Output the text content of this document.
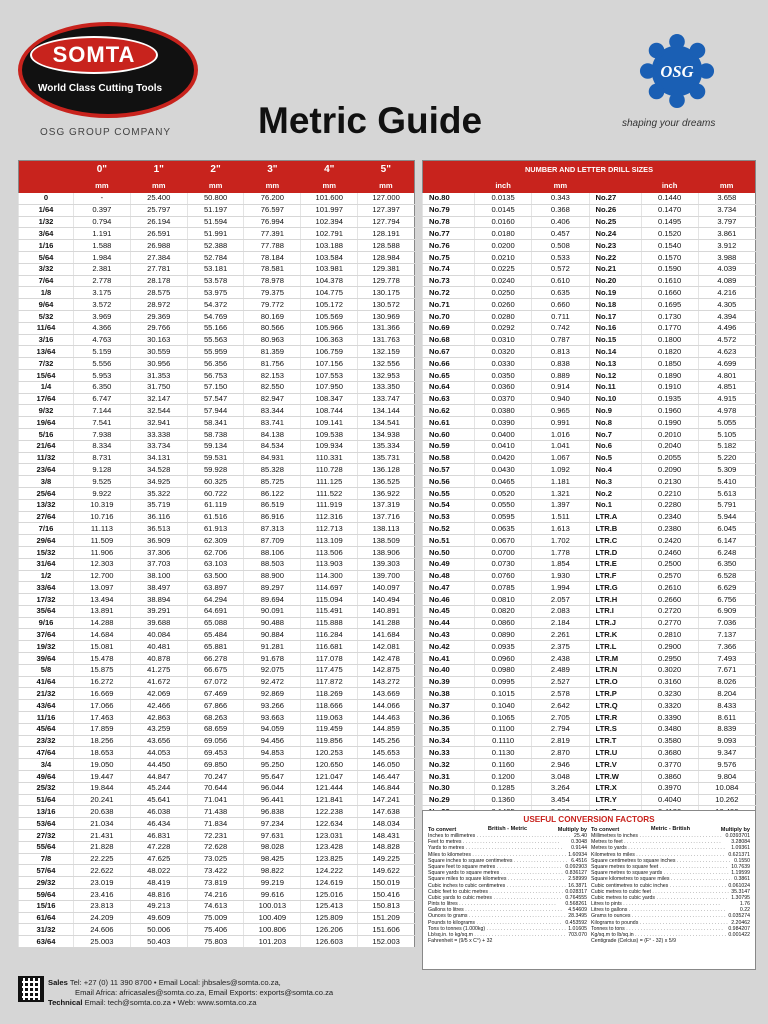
SOMTA
World Class Cutting Tools
OSG GROUP COMPANY Metric Guide
OSG
shaping your dreams
	0"	1"	2"	3"	4"	5"
	mm	mm	mm	mm	mm	mm
0	-	25.400	50.800	76.200	101.600	127.000
1/64	0.397	25.797	51.197	76.597	101.997	127.397
1/32	0.794	26.194	51.594	76.994	102.394	127.794
3/64	1.191	26.591	51.991	77.391	102.791	128.191
1/16	1.588	26.988	52.388	77.788	103.188	128.588
5/64	1.984	27.384	52.784	78.184	103.584	128.984
3/32	2.381	27.781	53.181	78.581	103.981	129.381
7/64	2.778	28.178	53.578	78.978	104.378	129.778
1/8	3.175	28.575	53.975	79.375	104.775	130.175
9/64	3.572	28.972	54.372	79.772	105.172	130.572
5/32	3.969	29.369	54.769	80.169	105.569	130.969
11/64	4.366	29.766	55.166	80.566	105.966	131.366
3/16	4.763	30.163	55.563	80.963	106.363	131.763
13/64	5.159	30.559	55.959	81.359	106.759	132.159
7/32	5.556	30.956	56.356	81.756	107.156	132.556
15/64	5.953	31.353	56.753	82.153	107.553	132.953
1/4	6.350	31.750	57.150	82.550	107.950	133.350
17/64	6.747	32.147	57.547	82.947	108.347	133.747
9/32	7.144	32.544	57.944	83.344	108.744	134.144
19/64	7.541	32.941	58.341	83.741	109.141	134.541
5/16	7.938	33.338	58.738	84.138	109.538	134.938
21/64	8.334	33.734	59.134	84.534	109.934	135.334
11/32	8.731	34.131	59.531	84.931	110.331	135.731
23/64	9.128	34.528	59.928	85.328	110.728	136.128
3/8	9.525	34.925	60.325	85.725	111.125	136.525
25/64	9.922	35.322	60.722	86.122	111.522	136.922
13/32	10.319	35.719	61.119	86.519	111.919	137.319
27/64	10.716	36.116	61.516	86.916	112.316	137.716
7/16	11.113	36.513	61.913	87.313	112.713	138.113
29/64	11.509	36.909	62.309	87.709	113.109	138.509
15/32	11.906	37.306	62.706	88.106	113.506	138.906
31/64	12.303	37.703	63.103	88.503	113.903	139.303
1/2	12.700	38.100	63.500	88.900	114.300	139.700
33/64	13.097	38.497	63.897	89.297	114.697	140.097
17/32	13.494	38.894	64.294	89.694	115.094	140.494
35/64	13.891	39.291	64.691	90.091	115.491	140.891
9/16	14.288	39.688	65.088	90.488	115.888	141.288
37/64	14.684	40.084	65.484	90.884	116.284	141.684
19/32	15.081	40.481	65.881	91.281	116.681	142.081
39/64	15.478	40.878	66.278	91.678	117.078	142.478
5/8	15.875	41.275	66.675	92.075	117.475	142.875
41/64	16.272	41.672	67.072	92.472	117.872	143.272
21/32	16.669	42.069	67.469	92.869	118.269	143.669
43/64	17.066	42.466	67.866	93.266	118.666	144.066
11/16	17.463	42.863	68.263	93.663	119.063	144.463
45/64	17.859	43.259	68.659	94.059	119.459	144.859
23/32	18.256	43.656	69.056	94.456	119.856	145.256
47/64	18.653	44.053	69.453	94.853	120.253	145.653
3/4	19.050	44.450	69.850	95.250	120.650	146.050
49/64	19.447	44.847	70.247	95.647	121.047	146.447
25/32	19.844	45.244	70.644	96.044	121.444	146.844
51/64	20.241	45.641	71.041	96.441	121.841	147.241
13/16	20.638	46.038	71.438	96.838	122.238	147.638
53/64	21.034	46.434	71.834	97.234	122.634	148.034
27/32	21.431	46.831	72.231	97.631	123.031	148.431
55/64	21.828	47.228	72.628	98.028	123.428	148.828
7/8	22.225	47.625	73.025	98.425	123.825	149.225
57/64	22.622	48.022	73.422	98.822	124.222	149.622
29/32	23.019	48.419	73.819	99.219	124.619	150.019
59/64	23.416	48.816	74.216	99.616	125.016	150.416
15/16	23.813	49.213	74.613	100.013	125.413	150.813
61/64	24.209	49.609	75.009	100.409	125.809	151.209
31/32	24.606	50.006	75.406	100.806	126.206	151.606
63/64	25.003	50.403	75.803	101.203	126.603	152.003
NUMBER AND LETTER DRILL SIZES					
	inch	mm		inch	mm
No.80	0.0135	0.343	No.27	0.1440	3.658
No.79	0.0145	0.368	No.26	0.1470	3.734
No.78	0.0160	0.406	No.25	0.1495	3.797
No.77	0.0180	0.457	No.24	0.1520	3.861
No.76	0.0200	0.508	No.23	0.1540	3.912
No.75	0.0210	0.533	No.22	0.1570	3.988
No.74	0.0225	0.572	No.21	0.1590	4.039
No.73	0.0240	0.610	No.20	0.1610	4.089
No.72	0.0250	0.635	No.19	0.1660	4.216
No.71	0.0260	0.660	No.18	0.1695	4.305
No.70	0.0280	0.711	No.17	0.1730	4.394
No.69	0.0292	0.742	No.16	0.1770	4.496
No.68	0.0310	0.787	No.15	0.1800	4.572
No.67	0.0320	0.813	No.14	0.1820	4.623
No.66	0.0330	0.838	No.13	0.1850	4.699
No.65	0.0350	0.889	No.12	0.1890	4.801
No.64	0.0360	0.914	No.11	0.1910	4.851
No.63	0.0370	0.940	No.10	0.1935	4.915
No.62	0.0380	0.965	No.9	0.1960	4.978
No.61	0.0390	0.991	No.8	0.1990	5.055
No.60	0.0400	1.016	No.7	0.2010	5.105
No.59	0.0410	1.041	No.6	0.2040	5.182
No.58	0.0420	1.067	No.5	0.2055	5.220
No.57	0.0430	1.092	No.4	0.2090	5.309
No.56	0.0465	1.181	No.3	0.2130	5.410
No.55	0.0520	1.321	No.2	0.2210	5.613
No.54	0.0550	1.397	No.1	0.2280	5.791
No.53	0.0595	1.511	LTR.A	0.2340	5.944
No.52	0.0635	1.613	LTR.B	0.2380	6.045
No.51	0.0670	1.702	LTR.C	0.2420	6.147
No.50	0.0700	1.778	LTR.D	0.2460	6.248
No.49	0.0730	1.854	LTR.E	0.2500	6.350
No.48	0.0760	1.930	LTR.F	0.2570	6.528
No.47	0.0785	1.994	LTR.G	0.2610	6.629
No.46	0.0810	2.057	LTR.H	0.2660	6.756
No.45	0.0820	2.083	LTR.I	0.2720	6.909
No.44	0.0860	2.184	LTR.J	0.2770	7.036
No.43	0.0890	2.261	LTR.K	0.2810	7.137
No.42	0.0935	2.375	LTR.L	0.2900	7.366
No.41	0.0960	2.438	LTR.M	0.2950	7.493
No.40	0.0980	2.489	LTR.N	0.3020	7.671
No.39	0.0995	2.527	LTR.O	0.3160	8.026
No.38	0.1015	2.578	LTR.P	0.3230	8.204
No.37	0.1040	2.642	LTR.Q	0.3320	8.433
No.36	0.1065	2.705	LTR.R	0.3390	8.611
No.35	0.1100	2.794	LTR.S	0.3480	8.839
No.34	0.1110	2.819	LTR.T	0.3580	9.093
No.33	0.1130	2.870	LTR.U	0.3680	9.347
No.32	0.1160	2.946	LTR.V	0.3770	9.576
No.31	0.1200	3.048	LTR.W	0.3860	9.804
No.30	0.1285	3.264	LTR.X	0.3970	10.084
No.29	0.1360	3.454	LTR.Y	0.4040	10.262

USEFUL CONVERSION FACTORS
To convert	Multiply by
British - Metric
Inches to millimetres . . .	25.40
Feet to metres . . .	0.3048
Yards to metres . . .	0.9144
Miles to kilometres . . .	1.60934
Square inches to square centimetres . . .	6.4516
Square feet to square metres . . .	0.092903
Square yards to square metres . . .	0.836127
Square miles to square kilometres . . .	2.58999
Cubic inches to cubic centimetres . . .	16.3871
Cubic feet to cubic metres . . .	0.028317
Cubic yards to cubic metres . . .	0.764555
Pints to litres . . .	0.568261
Gallons to litres . . .	4.54609
Ounces to grams . . .	28.3495
Pounds to kilograms . . .	0.453592
Tons to tonnes (1.000kg) . . .	1.01605
Lb/sq.in. to kg/sq.m . . .	703.070
Fahrenheit = (9/5 x C°) + 32
To convert	Multiply by
Metric - British
Millimetres to inches . . .	0.0393701
Metres to feet . . .	3.28084
Metres to yards . . .	1.09361
Kilometres to miles . . .	0.621371
Square centimetres to square inches . . .	0.1550
Square metres to square feet . . .	10.7639
Square metres to square yards . . .	1.19599
Square kilometres to square miles . . .	0.3861
Cubic centimetres to cubic inches . . .	0.061024
Cubic metres to cubic feet . . .	35.3147
Cubic metres to cubic yards . . .	1.30795
Litres to pints . . .	1.76
Litres to gallons . . .	0.22
Grams to ounces . . .	0.035274
Kilograms to pounds . . .	2.20462
Tonnes to tons . . .	0.984207
Kg/sq.m to lb/sq.in . . .	0.001422
Centigrade (Celcius) = (F° - 32) x 5/9
Sales Tel: +27 (0) 11 390 8700 • Email Local: jhbsales@somta.co.za,
Email Africa: africasales@somta.co.za, Email Exports: exports@somta.co.za
Technical Email: tech@somta.co.za • Web: www.somta.co.za
